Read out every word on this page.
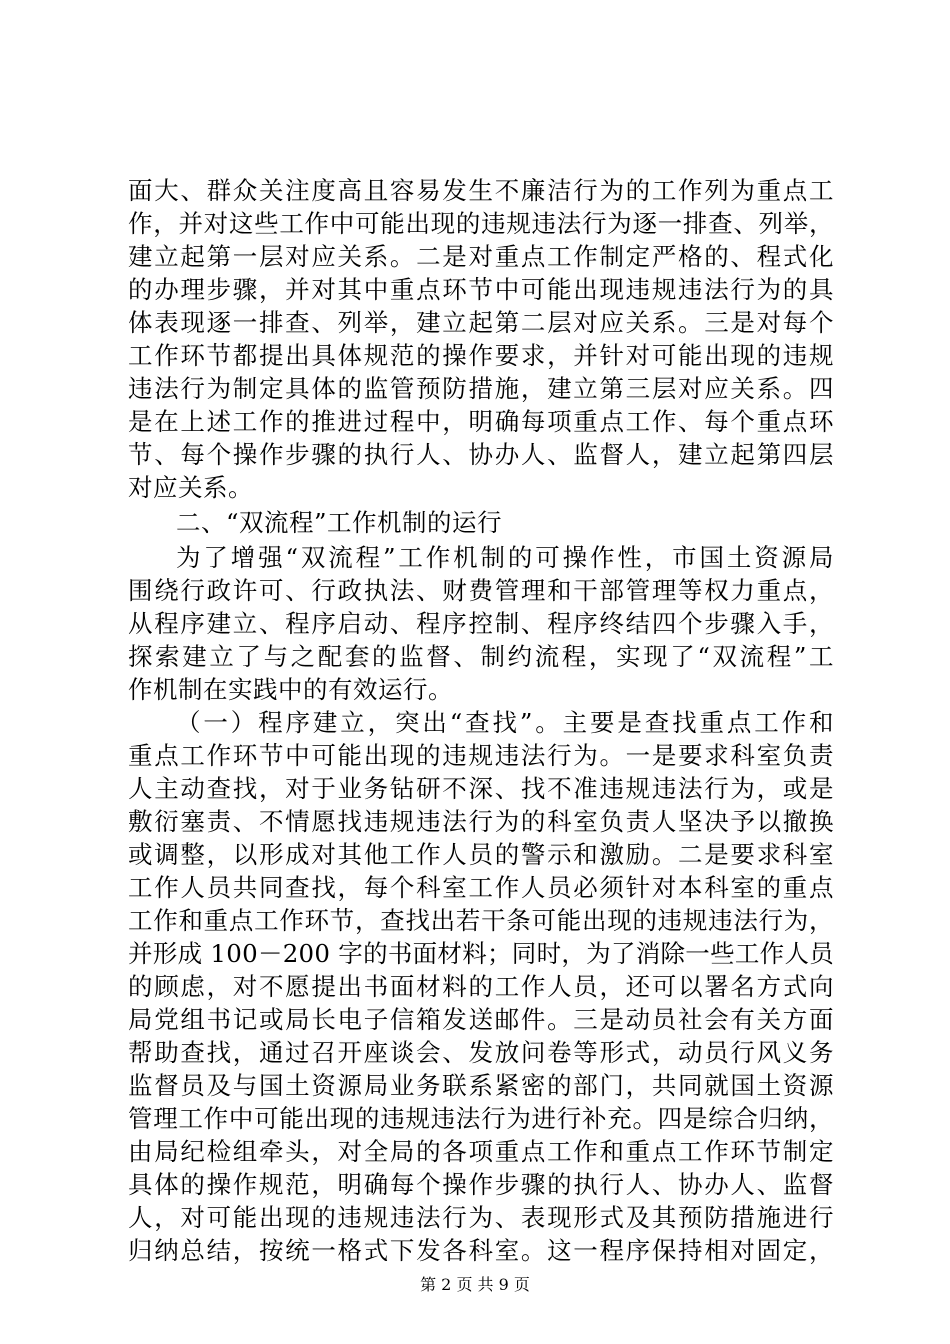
面大、群众关注度高且容易发生不廉洁行为的工作列为重点工
作，并对这些工作中可能出现的违规违法行为逐一排查、列举，
建立起第一层对应关系。二是对重点工作制定严格的、程式化
的办理步骤，并对其中重点环节中可能出现违规违法行为的具
体表现逐一排查、列举，建立起第二层对应关系。三是对每个
工作环节都提出具体规范的操作要求，并针对可能出现的违规
违法行为制定具体的监管预防措施，建立第三层对应关系。四
是在上述工作的推进过程中，明确每项重点工作、每个重点环
节、每个操作步骤的执行人、协办人、监督人，建立起第四层
对应关系。
二、“双流程”工作机制的运行
为了增强“双流程”工作机制的可操作性，市国土资源局
围绕行政许可、行政执法、财费管理和干部管理等权力重点，
从程序建立、程序启动、程序控制、程序终结四个步骤入手，
探索建立了与之配套的监督、制约流程，实现了“双流程”工
作机制在实践中的有效运行。
（一）程序建立，突出“查找”。主要是查找重点工作和
重点工作环节中可能出现的违规违法行为。一是要求科室负责
人主动查找，对于业务钻研不深、找不准违规违法行为，或是
敷衍塞责、不情愿找违规违法行为的科室负责人坚决予以撤换
或调整，以形成对其他工作人员的警示和激励。二是要求科室
工作人员共同查找，每个科室工作人员必须针对本科室的重点
工作和重点工作环节，查找出若干条可能出现的违规违法行为，
并形成 100－200 字的书面材料；同时，为了消除一些工作人员
的顾虑，对不愿提出书面材料的工作人员，还可以署名方式向
局党组书记或局长电子信箱发送邮件。三是动员社会有关方面
帮助查找，通过召开座谈会、发放问卷等形式，动员行风义务
监督员及与国土资源局业务联系紧密的部门，共同就国土资源
管理工作中可能出现的违规违法行为进行补充。四是综合归纳，
由局纪检组牵头，对全局的各项重点工作和重点工作环节制定
具体的操作规范，明确每个操作步骤的执行人、协办人、监督
人，对可能出现的违规违法行为、表现形式及其预防措施进行
归纳总结，按统一格式下发各科室。这一程序保持相对固定，
第 2 页 共 9 页
